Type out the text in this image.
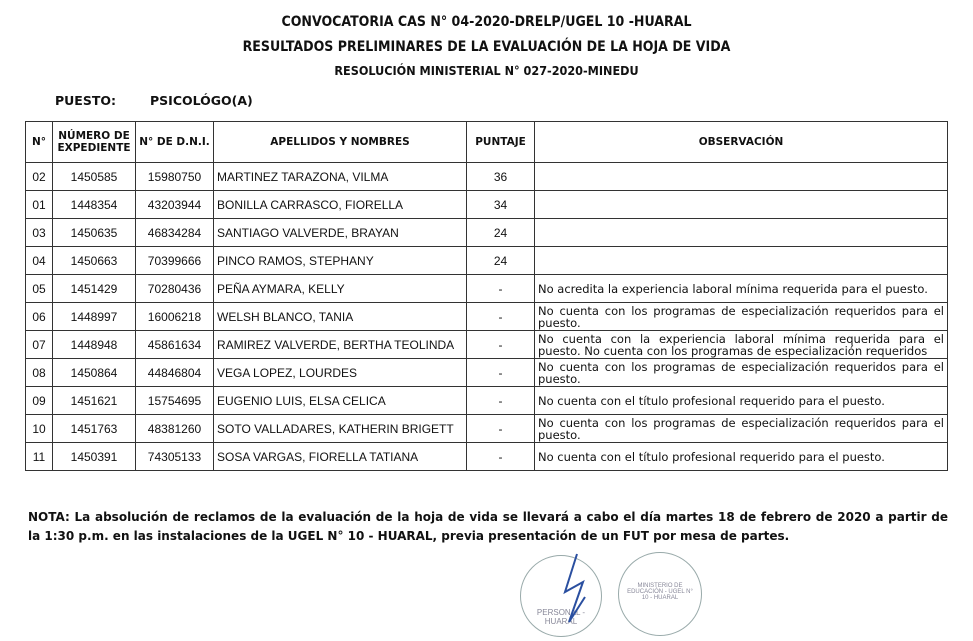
CONVOCATORIA CAS N° 04-2020-DRELP/UGEL 10 -HUARAL
RESULTADOS PRELIMINARES DE LA EVALUACIÓN DE LA HOJA DE VIDA
RESOLUCIÓN MINISTERIAL N° 027-2020-MINEDU
PUESTO:	PSICOLÓGO(A)
N°	NÚMERO DE EXPEDIENTE	N° DE D.N.I.	APELLIDOS Y NOMBRES	PUNTAJE	OBSERVACIÓN
02	1450585	15980750	MARTINEZ TARAZONA, VILMA	36	
01	1448354	43203944	BONILLA CARRASCO, FIORELLA	34	
03	1450635	46834284	SANTIAGO VALVERDE, BRAYAN	24	
04	1450663	70399666	PINCO RAMOS, STEPHANY	24	
05	1451429	70280436	PEÑA AYMARA, KELLY	-	No acredita la experiencia laboral mínima requerida para el puesto.
06	1448997	16006218	WELSH BLANCO, TANIA	-	No cuenta con los programas de especialización requeridos para el puesto.
07	1448948	45861634	RAMIREZ VALVERDE, BERTHA TEOLINDA	-	No cuenta con la experiencia laboral mínima requerida para el puesto. No cuenta con los programas de especialización requeridos
08	1450864	44846804	VEGA LOPEZ, LOURDES	-	No cuenta con los programas de especialización requeridos para el puesto.
09	1451621	15754695	EUGENIO LUIS, ELSA CELICA	-	No cuenta con el título profesional requerido para el puesto.
10	1451763	48381260	SOTO VALLADARES, KATHERIN BRIGETT	-	No cuenta con los programas de especialización requeridos para el puesto.
11	1450391	74305133	SOSA VARGAS, FIORELLA TATIANA	-	No cuenta con el título profesional requerido para el puesto.
NOTA: La absolución de reclamos de la evaluación de la hoja de vida se llevará a cabo el día martes 18 de febrero de 2020 a partir de la 1:30 p.m. en las instalaciones de la UGEL N° 10 - HUARAL, previa presentación de un FUT por mesa de partes.
PERSONAL - HUARAL
MINISTERIO DE EDUCACIÓN - UGEL N° 10 - HUARAL
